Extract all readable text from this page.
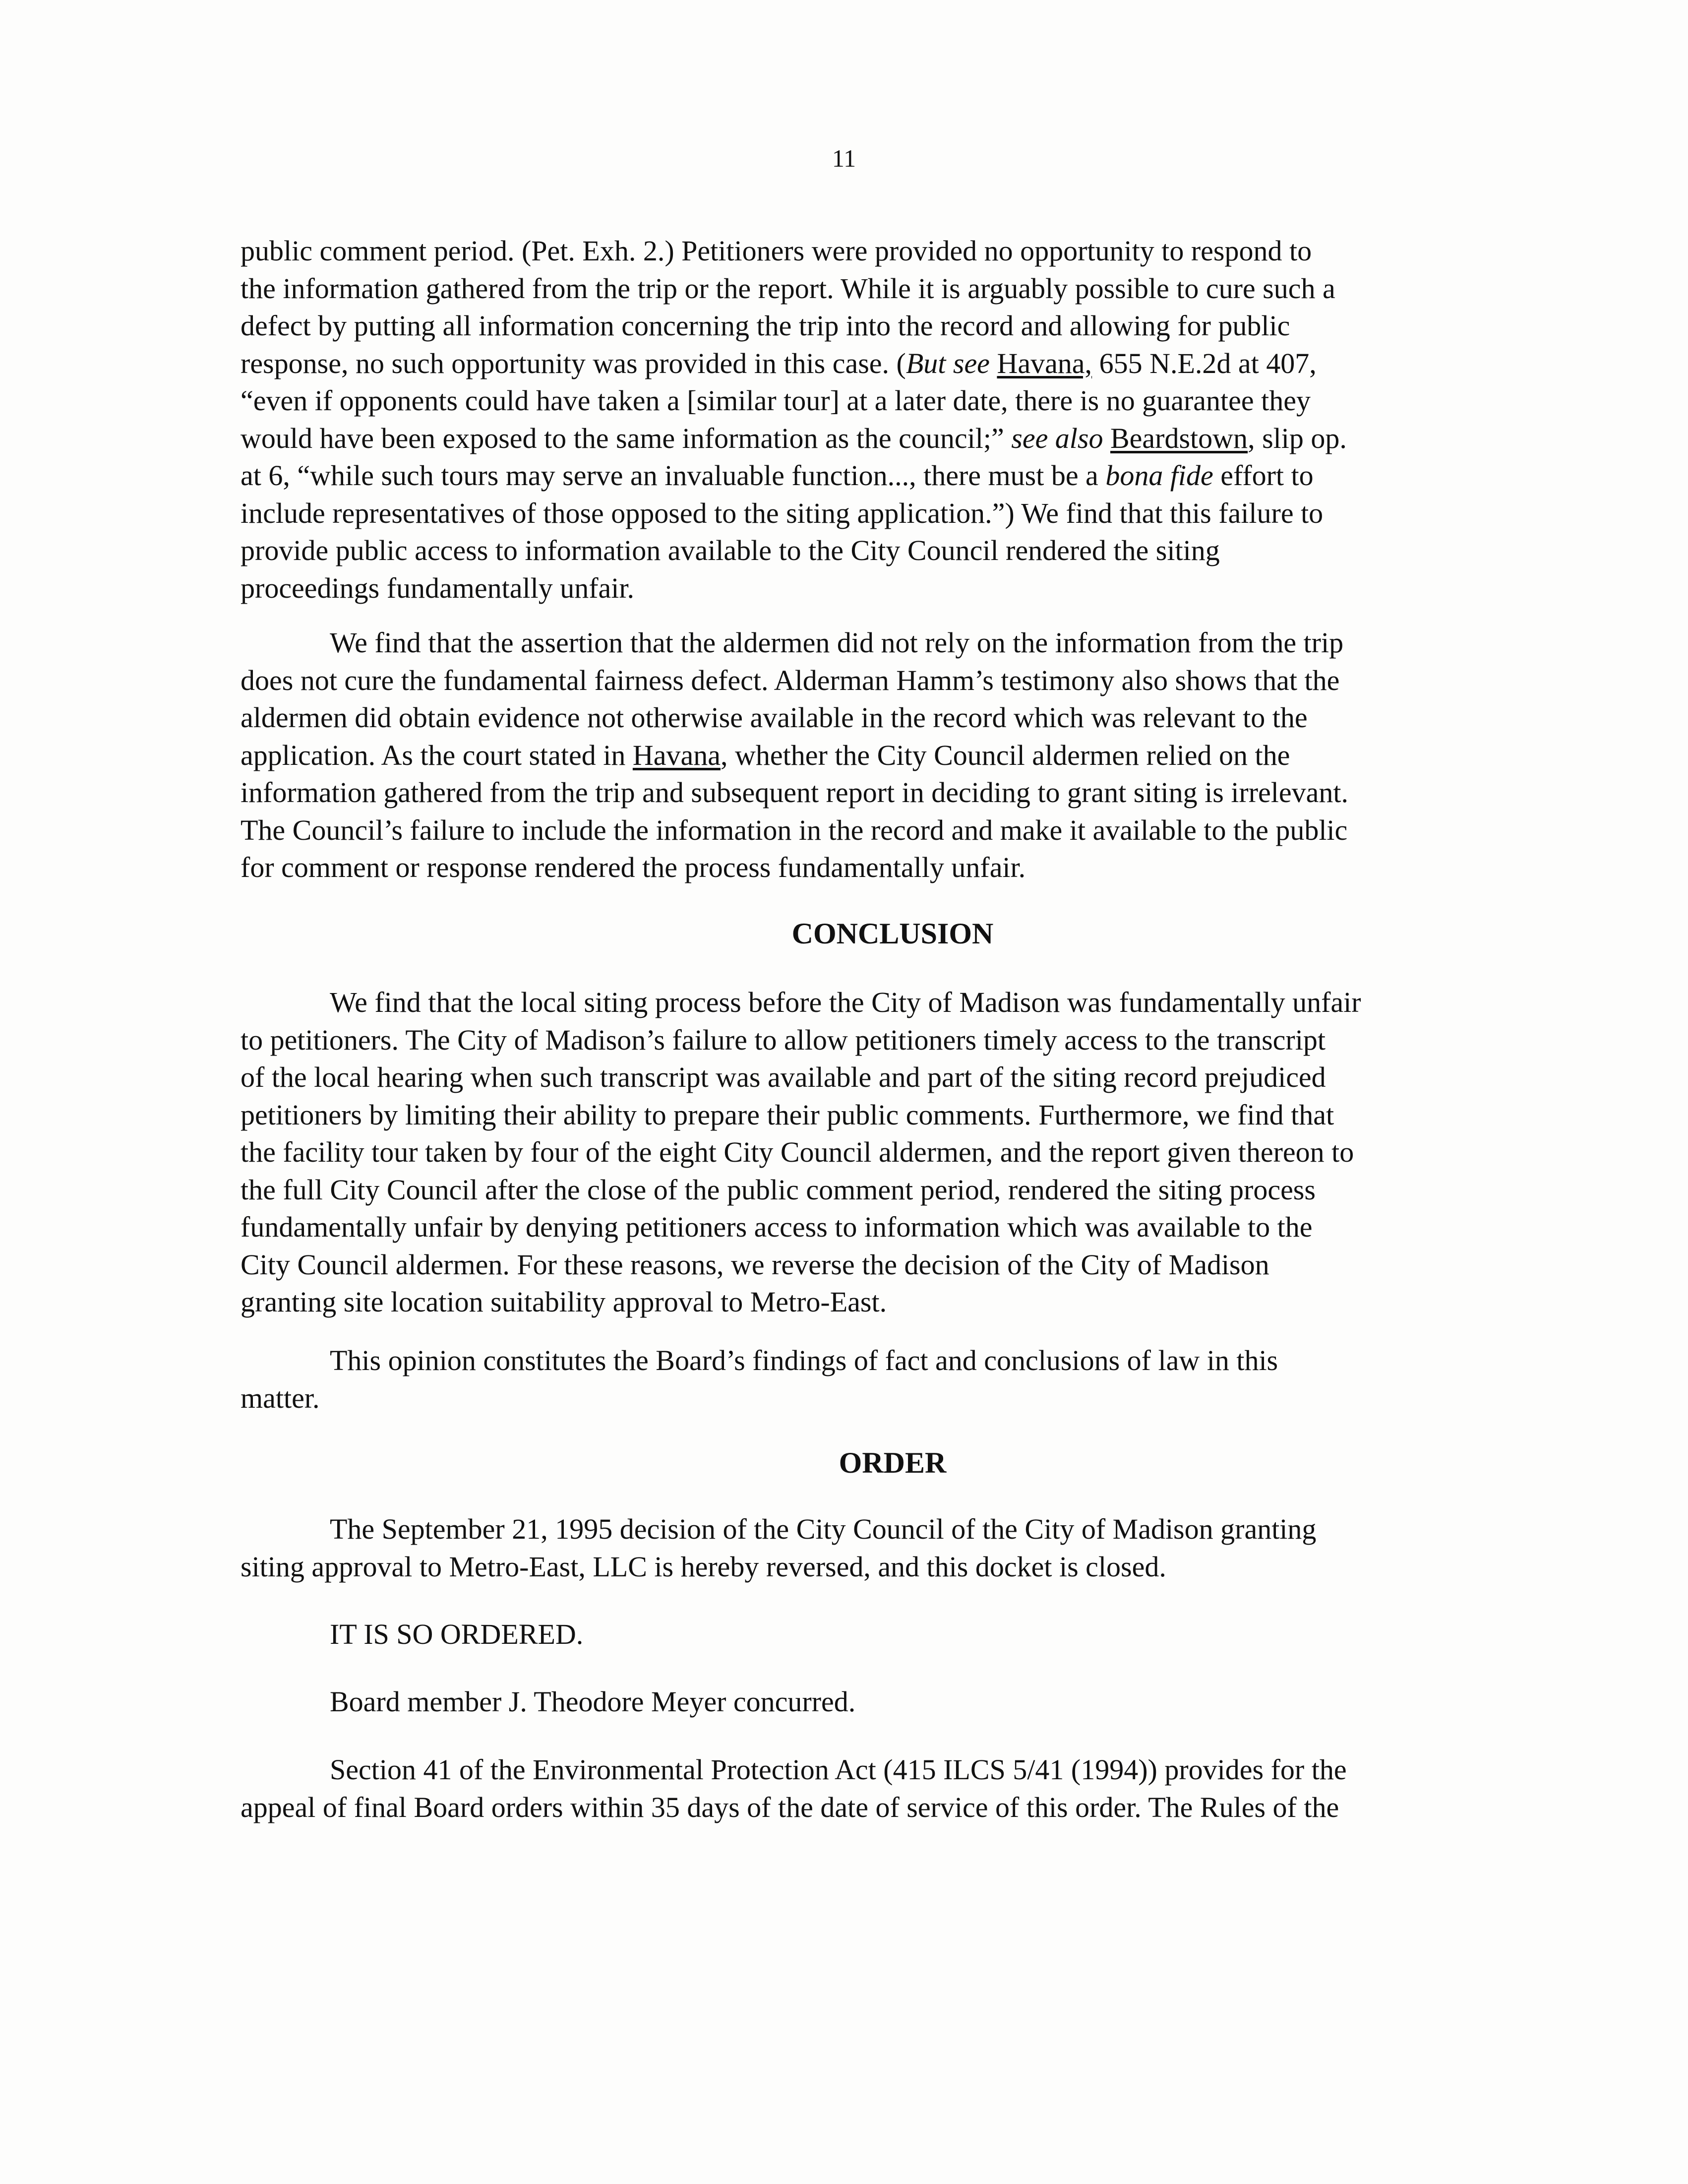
11
public comment period. (Pet. Exh. 2.) Petitioners were provided no opportunity to respond to
the information gathered from the trip or the report. While it is arguably possible to cure such a
defect by putting all information concerning the trip into the record and allowing for public
response, no such opportunity was provided in this case. (But see Havana, 655 N.E.2d at 407,
“even if opponents could have taken a [similar tour] at a later date, there is no guarantee they
would have been exposed to the same information as the council;” see also Beardstown, slip op.
at 6, “while such tours may serve an invaluable function..., there must be a bona fide effort to
include representatives of those opposed to the siting application.”) We find that this failure to
provide public access to information available to the City Council rendered the siting
proceedings fundamentally unfair.
We find that the assertion that the aldermen did not rely on the information from the trip
does not cure the fundamental fairness defect. Alderman Hamm’s testimony also shows that the
aldermen did obtain evidence not otherwise available in the record which was relevant to the
application. As the court stated in Havana, whether the City Council aldermen relied on the
information gathered from the trip and subsequent report in deciding to grant siting is irrelevant.
The Council’s failure to include the information in the record and make it available to the public
for comment or response rendered the process fundamentally unfair.
CONCLUSION
We find that the local siting process before the City of Madison was fundamentally unfair
to petitioners. The City of Madison’s failure to allow petitioners timely access to the transcript
of the local hearing when such transcript was available and part of the siting record prejudiced
petitioners by limiting their ability to prepare their public comments. Furthermore, we find that
the facility tour taken by four of the eight City Council aldermen, and the report given thereon to
the full City Council after the close of the public comment period, rendered the siting process
fundamentally unfair by denying petitioners access to information which was available to the
City Council aldermen. For these reasons, we reverse the decision of the City of Madison
granting site location suitability approval to Metro-East.
This opinion constitutes the Board’s findings of fact and conclusions of law in this
matter.
ORDER
The September 21, 1995 decision of the City Council of the City of Madison granting
siting approval to Metro-East, LLC is hereby reversed, and this docket is closed.
IT IS SO ORDERED.
Board member J. Theodore Meyer concurred.
Section 41 of the Environmental Protection Act (415 ILCS 5/41 (1994)) provides for the
appeal of final Board orders within 35 days of the date of service of this order. The Rules of the
